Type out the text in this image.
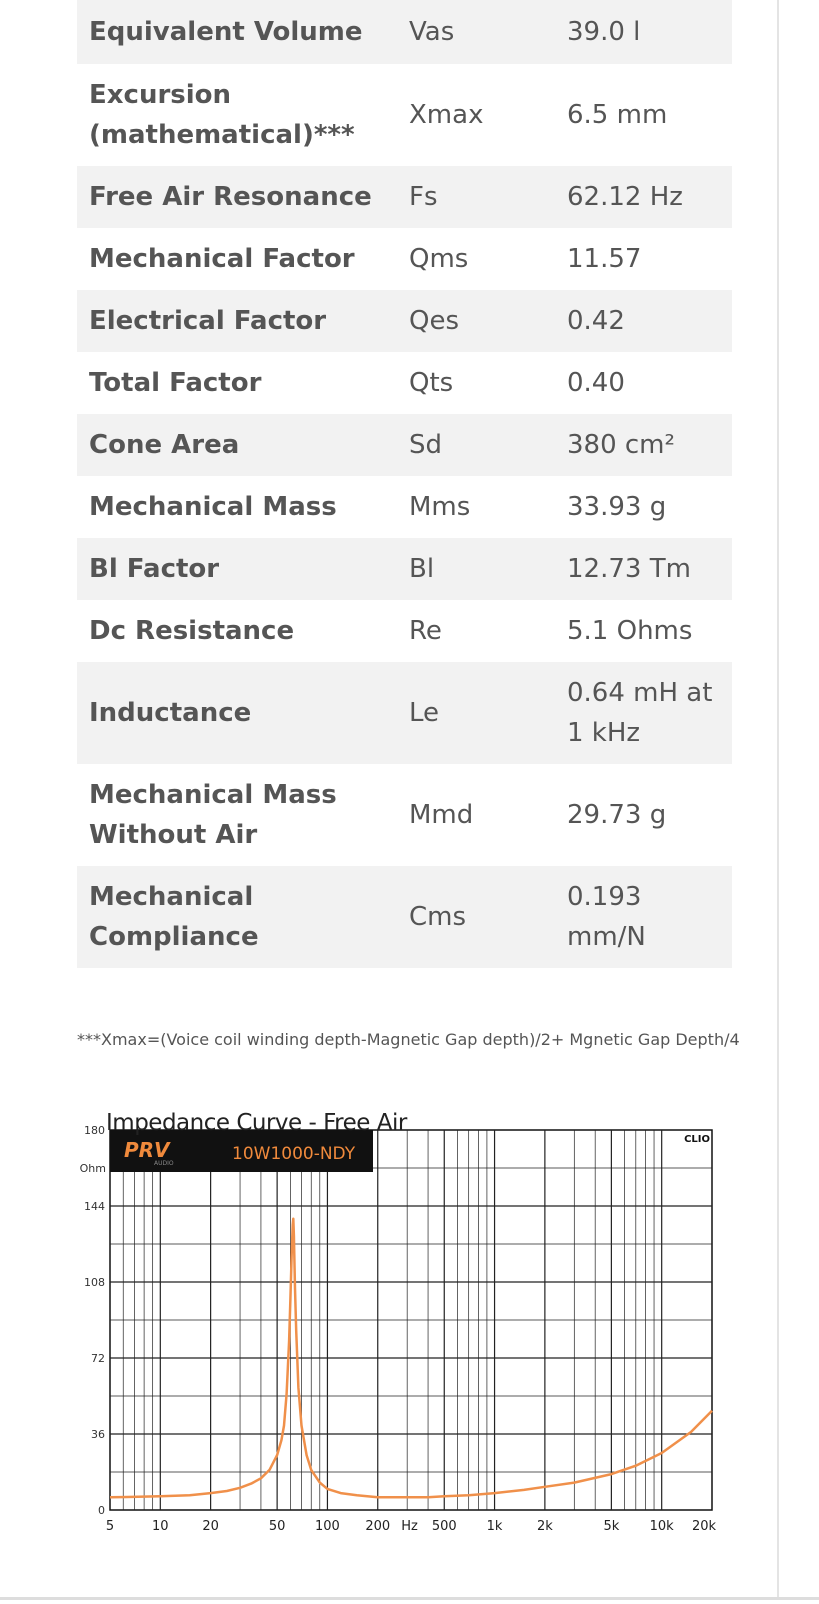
Equivalent Volume	Vas	39.0 l
Excursion (mathematical)***	Xmax	6.5 mm
Free Air Resonance	Fs	62.12 Hz
Mechanical Factor	Qms	11.57
Electrical Factor	Qes	0.42
Total Factor	Qts	0.40
Cone Area	Sd	380 cm²
Mechanical Mass	Mms	33.93 g
Bl Factor	Bl	12.73 Tm
Dc Resistance	Re	5.1 Ohms
Inductance	Le	0.64 mH at 1 kHz
Mechanical Mass Without Air	Mmd	29.73 g
Mechanical Compliance	Cms	0.193 mm/N
***Xmax=(Voice coil winding depth-Magnetic Gap depth)/2+ Mgnetic Gap Depth/4
Impedance Curve - Free Air
PRV
AUDIO	10W1000-NDY
CLIO
0
36
72
108
144
180
Ohm
5	10	20	50 100 200	500 1k	2k	5k 10k 20k
Hz
